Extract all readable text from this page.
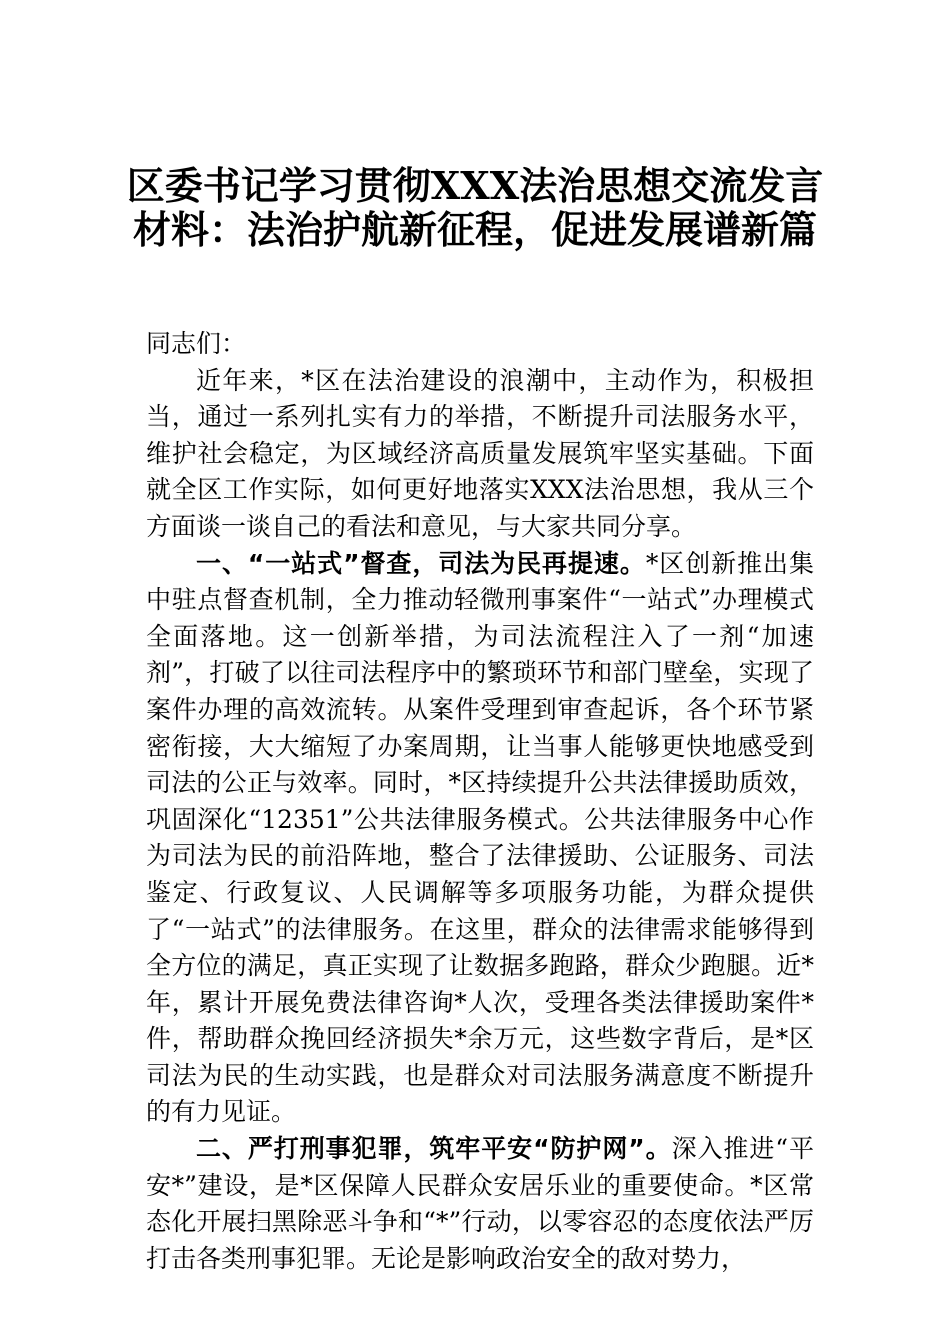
区委书记学习贯彻XXX法治思想交流发言
材料：法治护航新征程，促进发展谱新篇

同志们：

近年来，*区在法治建设的浪潮中，主动作为，积极担当，通过一系列扎实有力的举措，不断提升司法服务水平，维护社会稳定，为区域经济高质量发展筑牢坚实基础。下面就全区工作实际，如何更好地落实XXX法治思想，我从三个方面谈一谈自己的看法和意见，与大家共同分享。

一、“一站式”督查，司法为民再提速。*区创新推出集中驻点督查机制，全力推动轻微刑事案件“一站式”办理模式全面落地。这一创新举措，为司法流程注入了一剂“加速剂”，打破了以往司法程序中的繁琐环节和部门壁垒，实现了案件办理的高效流转。从案件受理到审查起诉，各个环节紧密衔接，大大缩短了办案周期，让当事人能够更快地感受到司法的公正与效率。同时，*区持续提升公共法律援助质效，巩固深化“12351”公共法律服务模式。公共法律服务中心作为司法为民的前沿阵地，整合了法律援助、公证服务、司法鉴定、行政复议、人民调解等多项服务功能，为群众提供了“一站式”的法律服务。在这里，群众的法律需求能够得到全方位的满足，真正实现了让数据多跑路，群众少跑腿。近*年，累计开展免费法律咨询*人次，受理各类法律援助案件*件，帮助群众挽回经济损失*余万元，这些数字背后，是*区司法为民的生动实践，也是群众对司法服务满意度不断提升的有力见证。

二、严打刑事犯罪，筑牢平安“防护网”。深入推进“平安*”建设，是*区保障人民群众安居乐业的重要使命。*区常态化开展扫黑除恶斗争和“*”行动，以零容忍的态度依法严厉打击各类刑事犯罪。无论是影响政治安全的敌对势力，
